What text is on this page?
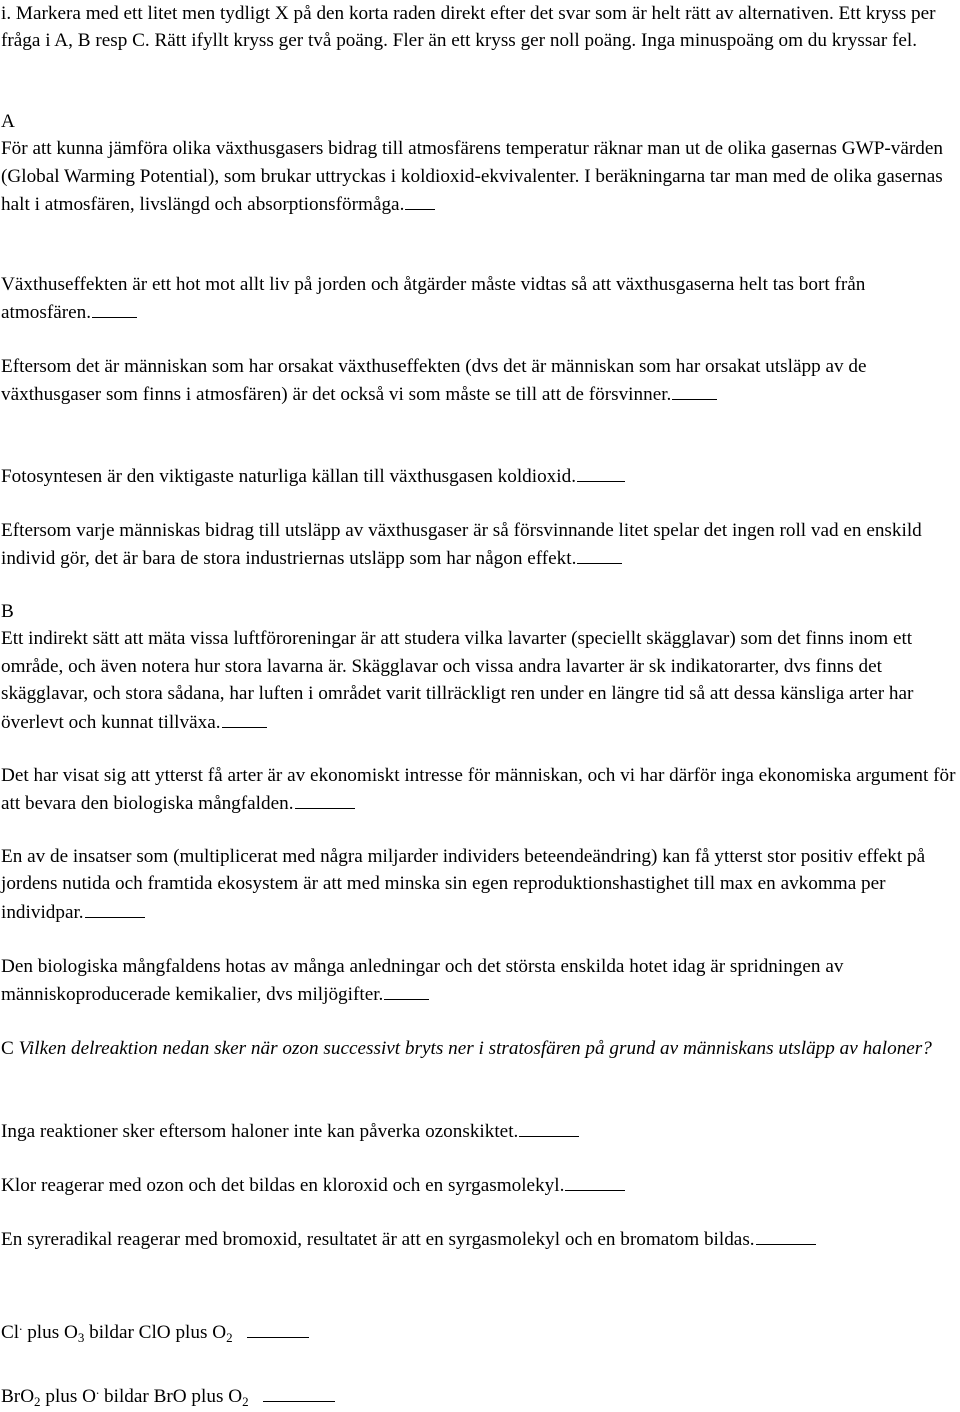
i. Markera med ett litet men tydligt X på den korta raden direkt efter det svar som är helt rätt av alternativen. Ett kryss per fråga i A, B resp C. Rätt ifyllt kryss ger två poäng. Fler än ett kryss ger noll poäng. Inga minuspoäng om du kryssar fel.

A
För att kunna jämföra olika växthusgasers bidrag till atmosfärens temperatur räknar man ut de olika gasernas GWP-värden (Global Warming Potential), som brukar uttryckas i koldioxid-ekvivalenter. I beräkningarna tar man med de olika gasernas halt i atmosfären, livslängd och absorptionsförmåga.
Växthuseffekten är ett hot mot allt liv på jorden och åtgärder måste vidtas så att växthusgaserna helt tas bort från atmosfären.
Eftersom det är människan som har orsakat växthuseffekten (dvs det är människan som har orsakat utsläpp av de växthusgaser som finns i atmosfären) är det också vi som måste se till att de försvinner.
Fotosyntesen är den viktigaste naturliga källan till växthusgasen koldioxid.
Eftersom varje människas bidrag till utsläpp av växthusgaser är så försvinnande litet spelar det ingen roll vad en enskild individ gör, det är bara de stora industriernas utsläpp som har någon effekt.
B
Ett indirekt sätt att mäta vissa luftföroreningar är att studera vilka lavarter (speciellt skägglavar) som det finns inom ett område, och även notera hur stora lavarna är. Skägglavar och vissa andra lavarter är sk indikatorarter, dvs finns det skägglavar, och stora sådana, har luften i området varit tillräckligt ren under en längre tid så att dessa känsliga arter har överlevt och kunnat tillväxa.
Det har visat sig att ytterst få arter är av ekonomiskt intresse för människan, och vi har därför inga ekonomiska argument för att bevara den biologiska mångfalden.
En av de insatser som (multiplicerat med några miljarder individers beteendeändring) kan få ytterst stor positiv effekt på jordens nutida och framtida ekosystem är att med minska sin egen reproduktionshastighet till max en avkomma per individpar.
Den biologiska mångfaldens hotas av många anledningar och det största enskilda hotet idag är spridningen av människoproducerade kemikalier, dvs miljögifter.
C Vilken delreaktion nedan sker när ozon successivt bryts ner i stratosfären på grund av människans utsläpp av haloner?
Inga reaktioner sker eftersom haloner inte kan påverka ozonskiktet.
Klor reagerar med ozon och det bildas en kloroxid och en syrgasmolekyl.
En syreradikal reagerar med bromoxid, resultatet är att en syrgasmolekyl och en bromatom bildas.
Cl. plus $O_3$ bildar ClO plus $O_2$
BrO$_2$ plus O. bildar BrO plus $O_2$
